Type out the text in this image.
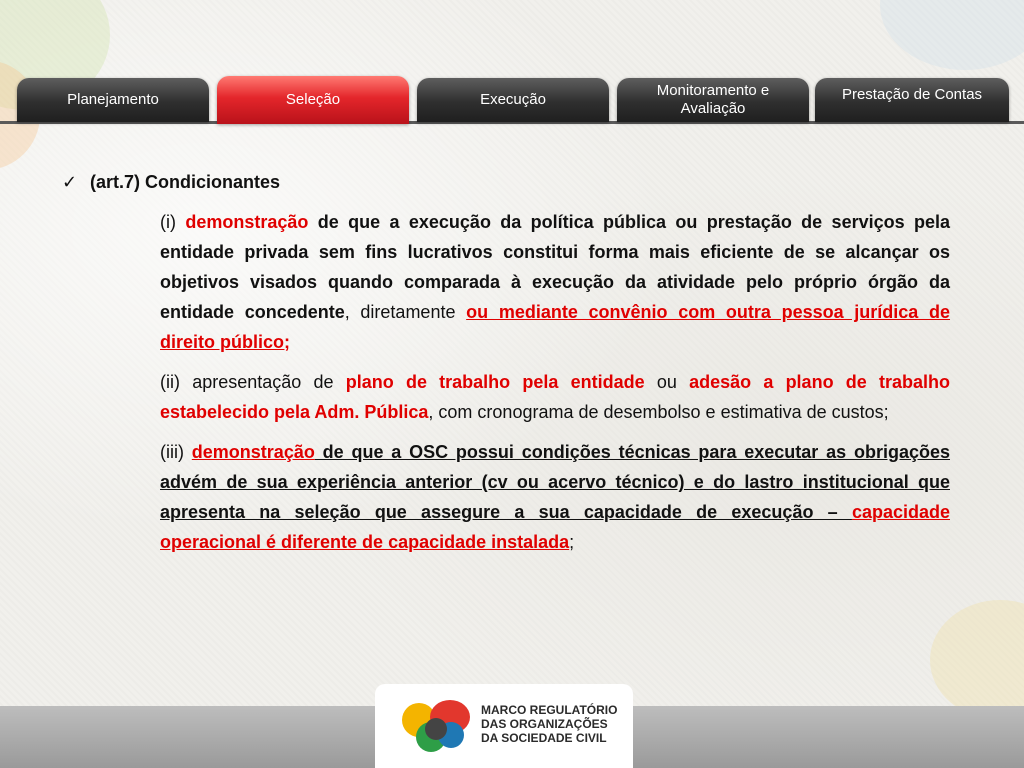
Planejamento	Seleção	Execução
Monitoramento e Avaliação
Prestação de Contas
✓ (art.7) Condicionantes
(i) demonstração de que a execução da política pública ou prestação de serviços pela entidade privada sem fins lucrativos constitui forma mais eficiente de se alcançar os objetivos visados quando comparada à execução da atividade pelo próprio órgão da entidade concedente, diretamente ou mediante convênio com outra pessoa jurídica de direito público;
(ii) apresentação de plano de trabalho pela entidade ou adesão a plano de trabalho estabelecido pela Adm. Pública, com cronograma de desembolso e estimativa de custos;
(iii) demonstração de que a OSC possui condições técnicas para executar as obrigações advém de sua experiência anterior (cv ou acervo técnico) e do lastro institucional que apresenta na seleção que assegure a sua capacidade de execução – capacidade operacional é diferente de capacidade instalada;
MARCO REGULATÓRIO
DAS ORGANIZAÇÕES
DA SOCIEDADE CIVIL
